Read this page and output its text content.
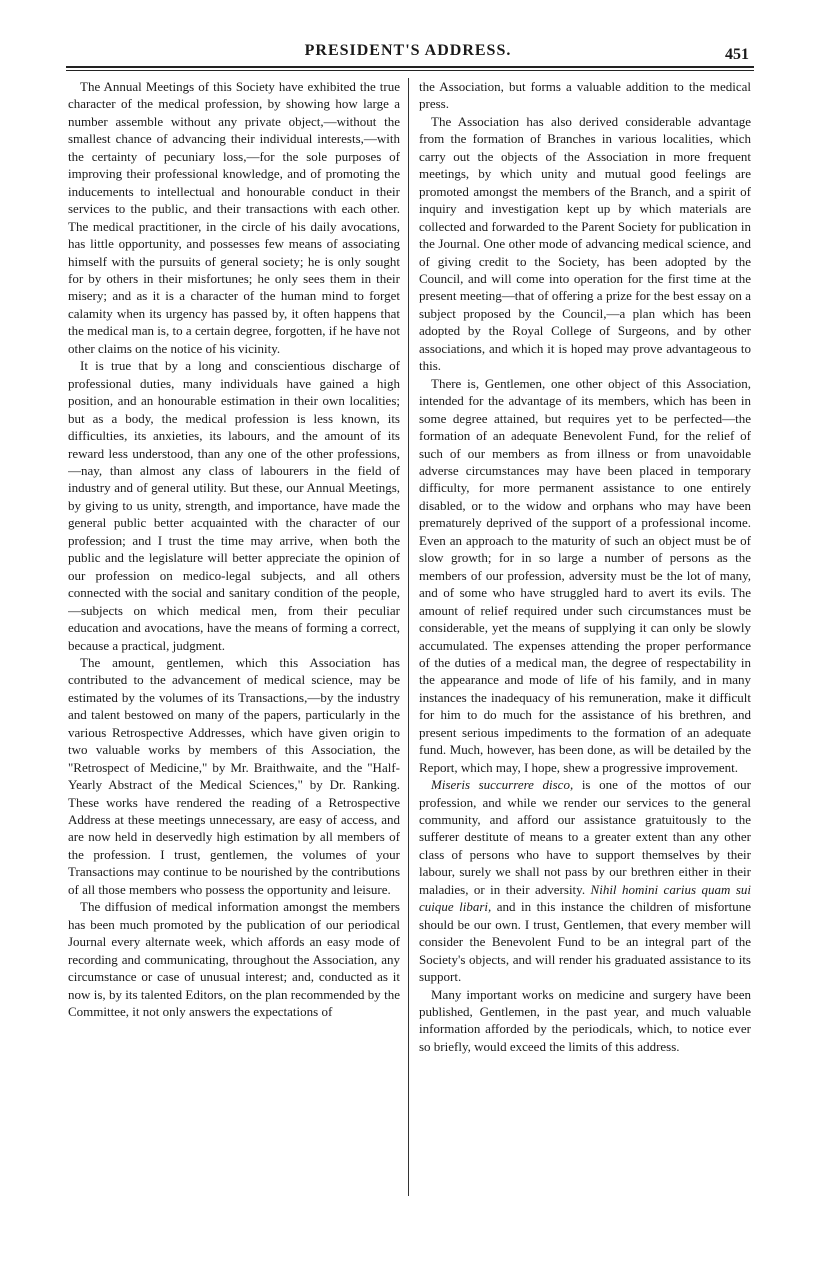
PRESIDENT'S ADDRESS.	451

The Annual Meetings of this Society have exhibited the true character of the medical profession, by showing how large a number assemble without any private object,—without the smallest chance of advancing their individual interests,—with the certainty of pecuniary loss,—for the sole purposes of improving their professional knowledge, and of promoting the inducements to intellectual and honourable conduct in their services to the public, and their transactions with each other. The medical practitioner, in the circle of his daily avocations, has little opportunity, and possesses few means of associating himself with the pursuits of general society; he is only sought for by others in their misfortunes; he only sees them in their misery; and as it is a character of the human mind to forget calamity when its urgency has passed by, it often happens that the medical man is, to a certain degree, forgotten, if he have not other claims on the notice of his vicinity.

It is true that by a long and conscientious discharge of professional duties, many individuals have gained a high position, and an honourable estimation in their own localities; but as a body, the medical profession is less known, its difficulties, its anxieties, its labours, and the amount of its reward less understood, than any one of the other professions,—nay, than almost any class of labourers in the field of industry and of general utility. But these, our Annual Meetings, by giving to us unity, strength, and importance, have made the general public better acquainted with the character of our profession; and I trust the time may arrive, when both the public and the legislature will better appreciate the opinion of our profession on medico-legal subjects, and all others connected with the social and sanitary condition of the people,—subjects on which medical men, from their peculiar education and avocations, have the means of forming a correct, because a practical, judgment.

The amount, gentlemen, which this Association has contributed to the advancement of medical science, may be estimated by the volumes of its Transactions,—by the industry and talent bestowed on many of the papers, particularly in the various Retrospective Addresses, which have given origin to two valuable works by members of this Association, the "Retrospect of Medicine," by Mr. Braithwaite, and the "Half-Yearly Abstract of the Medical Sciences," by Dr. Ranking. These works have rendered the reading of a Retrospective Address at these meetings unnecessary, are easy of access, and are now held in deservedly high estimation by all members of the profession. I trust, gentlemen, the volumes of your Transactions may continue to be nourished by the contributions of all those members who possess the opportunity and leisure.

The diffusion of medical information amongst the members has been much promoted by the publication of our periodical Journal every alternate week, which affords an easy mode of recording and communicating, throughout the Association, any circumstance or case of unusual interest; and, conducted as it now is, by its talented Editors, on the plan recommended by the Committee, it not only answers the expectations of

the Association, but forms a valuable addition to the medical press.

The Association has also derived considerable advantage from the formation of Branches in various localities, which carry out the objects of the Association in more frequent meetings, by which unity and mutual good feelings are promoted amongst the members of the Branch, and a spirit of inquiry and investigation kept up by which materials are collected and forwarded to the Parent Society for publication in the Journal. One other mode of advancing medical science, and of giving credit to the Society, has been adopted by the Council, and will come into operation for the first time at the present meeting—that of offering a prize for the best essay on a subject proposed by the Council,—a plan which has been adopted by the Royal College of Surgeons, and by other associations, and which it is hoped may prove advantageous to this.

There is, Gentlemen, one other object of this Association, intended for the advantage of its members, which has been in some degree attained, but requires yet to be perfected—the formation of an adequate Benevolent Fund, for the relief of such of our members as from illness or from unavoidable adverse circumstances may have been placed in temporary difficulty, for more permanent assistance to one entirely disabled, or to the widow and orphans who may have been prematurely deprived of the support of a professional income. Even an approach to the maturity of such an object must be of slow growth; for in so large a number of persons as the members of our profession, adversity must be the lot of many, and of some who have struggled hard to avert its evils. The amount of relief required under such circumstances must be considerable, yet the means of supplying it can only be slowly accumulated. The expenses attending the proper performance of the duties of a medical man, the degree of respectability in the appearance and mode of life of his family, and in many instances the inadequacy of his remuneration, make it difficult for him to do much for the assistance of his brethren, and present serious impediments to the formation of an adequate fund. Much, however, has been done, as will be detailed by the Report, which may, I hope, shew a progressive improvement.

Miseris succurrere disco, is one of the mottos of our profession, and while we render our services to the general community, and afford our assistance gratuitously to the sufferer destitute of means to a greater extent than any other class of persons who have to support themselves by their labour, surely we shall not pass by our brethren either in their maladies, or in their adversity. Nihil homini carius quam sui cuique libari, and in this instance the children of misfortune should be our own. I trust, Gentlemen, that every member will consider the Benevolent Fund to be an integral part of the Society's objects, and will render his graduated assistance to its support.

Many important works on medicine and surgery have been published, Gentlemen, in the past year, and much valuable information afforded by the periodicals, which, to notice ever so briefly, would exceed the limits of this address.
